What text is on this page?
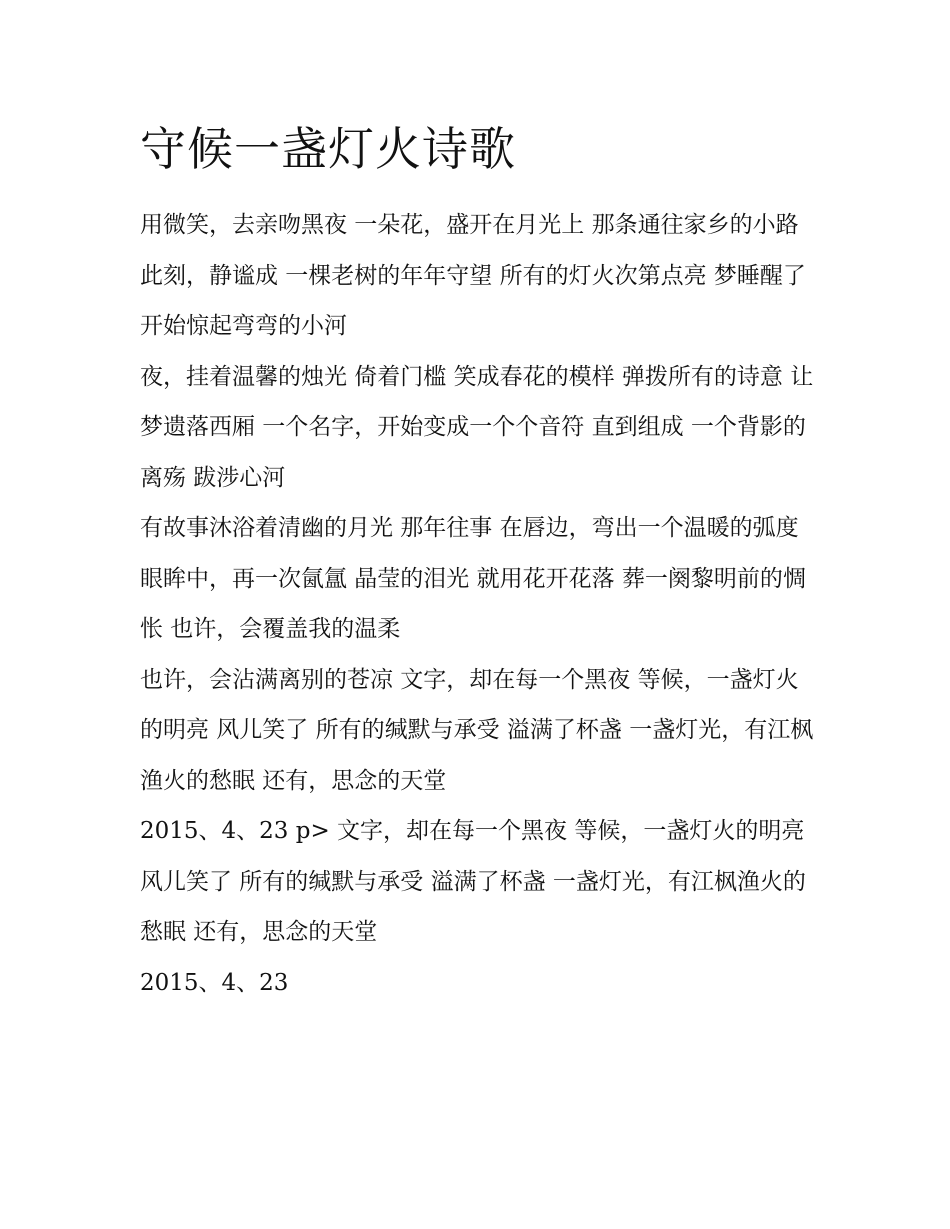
守候一盏灯火诗歌

用微笑，去亲吻黑夜 一朵花，盛开在月光上 那条通往家乡的小路 此刻，静谧成 一棵老树的年年守望 所有的灯火次第点亮 梦睡醒了 开始惊起弯弯的小河

夜，挂着温馨的烛光 倚着门槛 笑成春花的模样 弹拨所有的诗意 让梦遗落西厢 一个名字，开始变成一个个音符 直到组成 一个背影的离殇 跋涉心河

有故事沐浴着清幽的月光 那年往事 在唇边，弯出一个温暖的弧度 眼眸中，再一次氤氲 晶莹的泪光 就用花开花落 葬一阕黎明前的惆怅 也许，会覆盖我的温柔

也许，会沾满离别的苍凉 文字，却在每一个黑夜 等候，一盏灯火的明亮 风儿笑了 所有的缄默与承受 溢满了杯盏 一盏灯光，有江枫渔火的愁眠 还有，思念的天堂

2015、4、23 p> 文字，却在每一个黑夜 等候，一盏灯火的明亮 风儿笑了 所有的缄默与承受 溢满了杯盏 一盏灯光，有江枫渔火的愁眠 还有，思念的天堂

2015、4、23
